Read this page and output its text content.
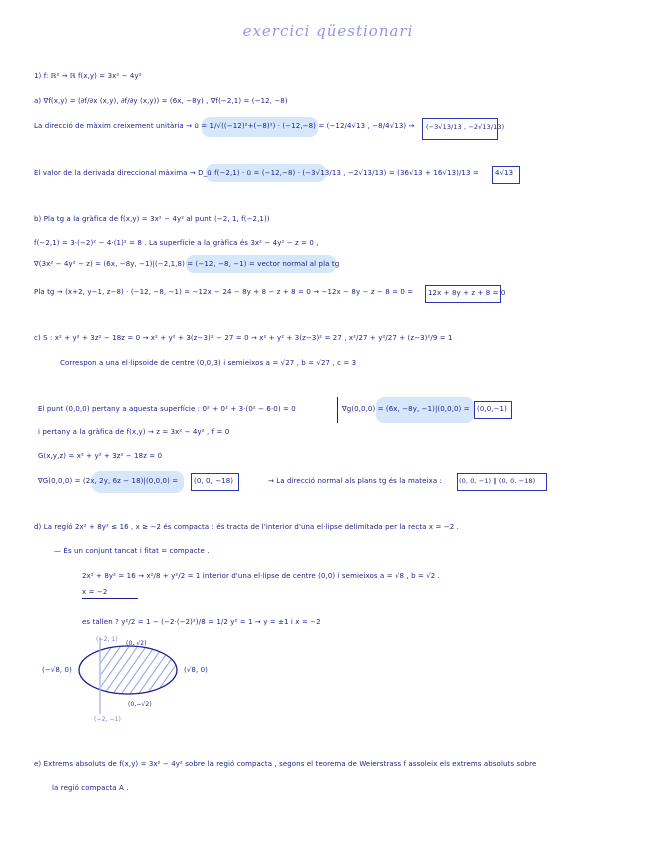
exercici qüestionari
1) f: ℝ² → ℝ f(x,y) = 3x² − 4y²
a) ∇f(x,y) = (∂f/∂x (x,y), ∂f/∂y (x,y)) = (6x, −8y) , ∇f(−2,1) = (−12, −8)
La direcció de màxim creixement unitària → ū = 1/√((−12)²+(−8)²) · (−12,−8) = (−12/4√13 , −8/4√13) → (−3√13/13 , −2√13/13)
El valor de la derivada direccional màxima → D_ū f(−2,1) · ū = (−12,−8) · (−3√13/13 , −2√13/13) = (36√13 + 16√13)/13 = 4√13
b) Pla tg a la gràfica de f(x,y) = 3x² − 4y² al punt (−2, 1, f(−2,1))
f(−2,1) = 3·(−2)² − 4·(1)² = 8 . La superfície a la gràfica és 3x² − 4y² − z = 0 ,
∇(3x² − 4y² − z) = (6x, −8y, −1)|(−2,1,8) = (−12, −8, −1) = vector normal al pla tg
Pla tg → (x+2, y−1, z−8) · (−12, −8, −1) = −12x − 24 − 8y + 8 − z + 8 = 0 → −12x − 8y − z − 8 = 0 = 12x + 8y + z + 8 = 0
c) S : x² + y² + 3z² − 18z = 0 → x² + y² + 3(z−3)² − 27 = 0 → x² + y² + 3(z−3)² = 27 , x²/27 + y²/27 + (z−3)²/9 = 1
Correspon a una el·lipsoide de centre (0,0,3) i semieixos a = √27 , b = √27 , c = 3
El punt (0,0,0) pertany a aquesta superfície : 0² + 0² + 3·(0² − 6·0) = 0	∇g(0,0,0) = (6x, −8y, −1)|(0,0,0) = (0,0,−1)
i pertany a la gràfica de f(x,y) → z = 3x² − 4y² , f = 0
G(x,y,z) = x² + y² + 3z² − 18z = 0
∇G(0,0,0) = (2x, 2y, 6z − 18)|(0,0,0) = (0, 0, −18)	→ La direcció normal als plans tg és la mateixa :	(0, 0, −1) ∥ (0, 0, −18)
d) La regió 2x² + 8y² ≤ 16 , x ≥ −2 és compacta : és tracta de l'interior d'una el·lipse delimitada per la recta x = −2 .
— És un conjunt tancat i fitat = compacte .
2x² + 8y² = 16 → x²/8 + y²/2 = 1 interior d'una el·lipse de centre (0,0) i semieixos a = √8 , b = √2 .
x = −2
es tallen ? y²/2 = 1 − (−2·(−2)²)/8 = 1/2 y² = 1 → y = ±1 i x = −2
(−2, 1)
(0, √2)
(−√8, 0)	(√8, 0)
(0,−√2)
(−2, −1)
e) Extrems absoluts de f(x,y) = 3x² − 4y² sobre la regió compacta , segons el teorema de Weierstrass f assoleix els extrems absoluts sobre
la regió compacta A .
